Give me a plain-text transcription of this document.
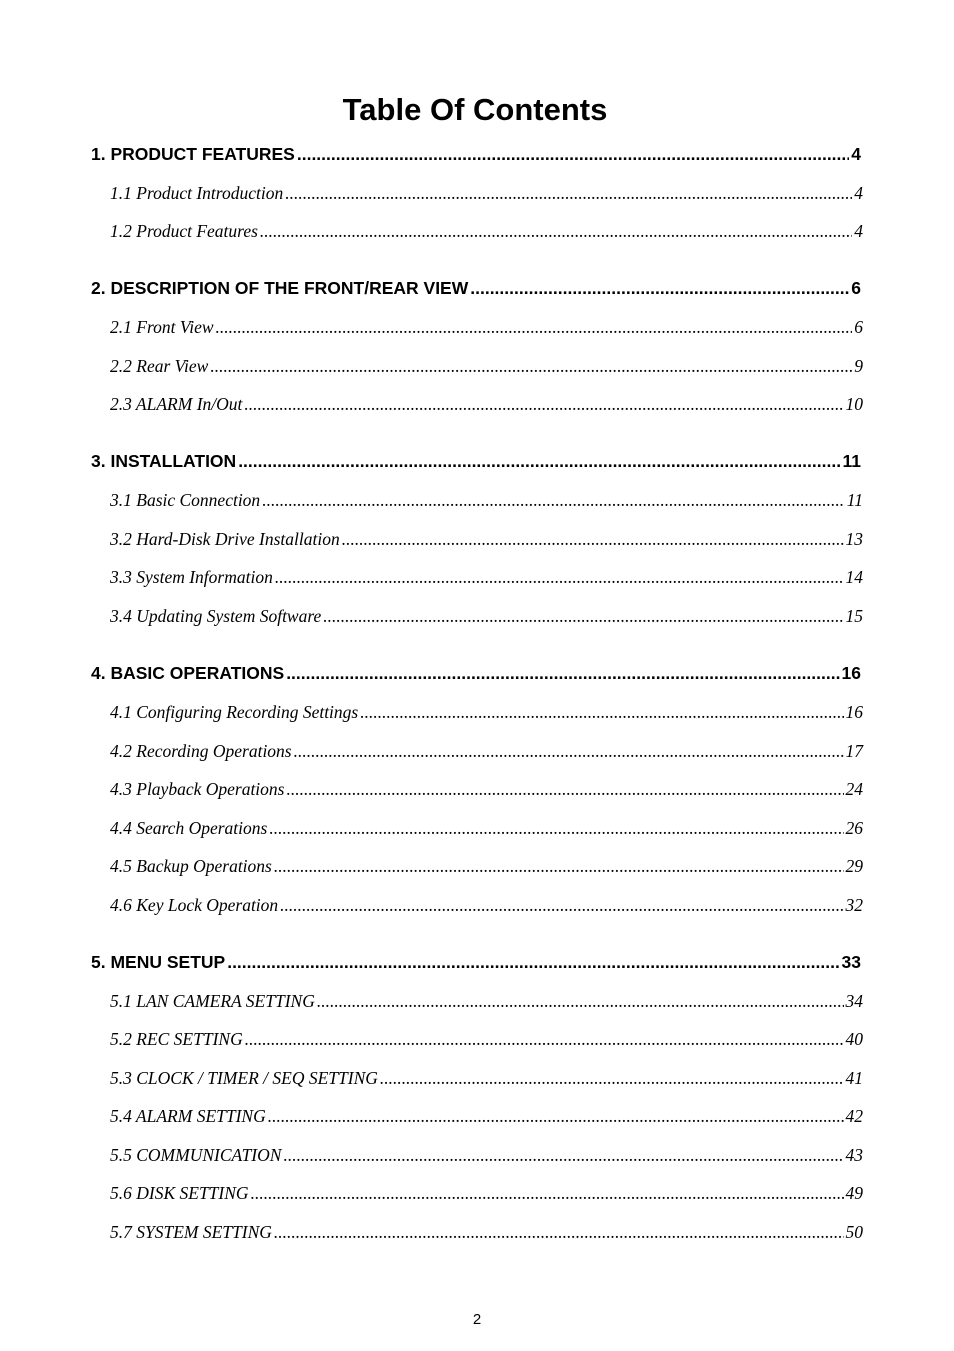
Table Of Contents
1. PRODUCT FEATURES .....	4
1.1 Product Introduction .....	4
1.2 Product Features .....	4
2. DESCRIPTION OF THE FRONT/REAR VIEW .....	6
2.1 Front View .....	6
2.2 Rear View .....	9
2.3 ALARM In/Out .....	10
3. INSTALLATION .....	11
3.1 Basic Connection .....	11
3.2 Hard-Disk Drive Installation .....	13
3.3 System Information .....	14
3.4 Updating System Software .....	15
4. BASIC OPERATIONS .....	16
4.1 Configuring Recording Settings .....	16
4.2 Recording Operations .....	17
4.3 Playback Operations .....	24
4.4 Search Operations .....	26
4.5 Backup Operations .....	29
4.6 Key Lock Operation .....	32
5. MENU SETUP .....	33
5.1 LAN CAMERA SETTING .....	34
5.2 REC SETTING .....	40
5.3 CLOCK / TIMER / SEQ SETTING .....	41
5.4 ALARM SETTING .....	42
5.5 COMMUNICATION .....	43
5.6 DISK SETTING .....	49
5.7 SYSTEM SETTING .....	50
2
